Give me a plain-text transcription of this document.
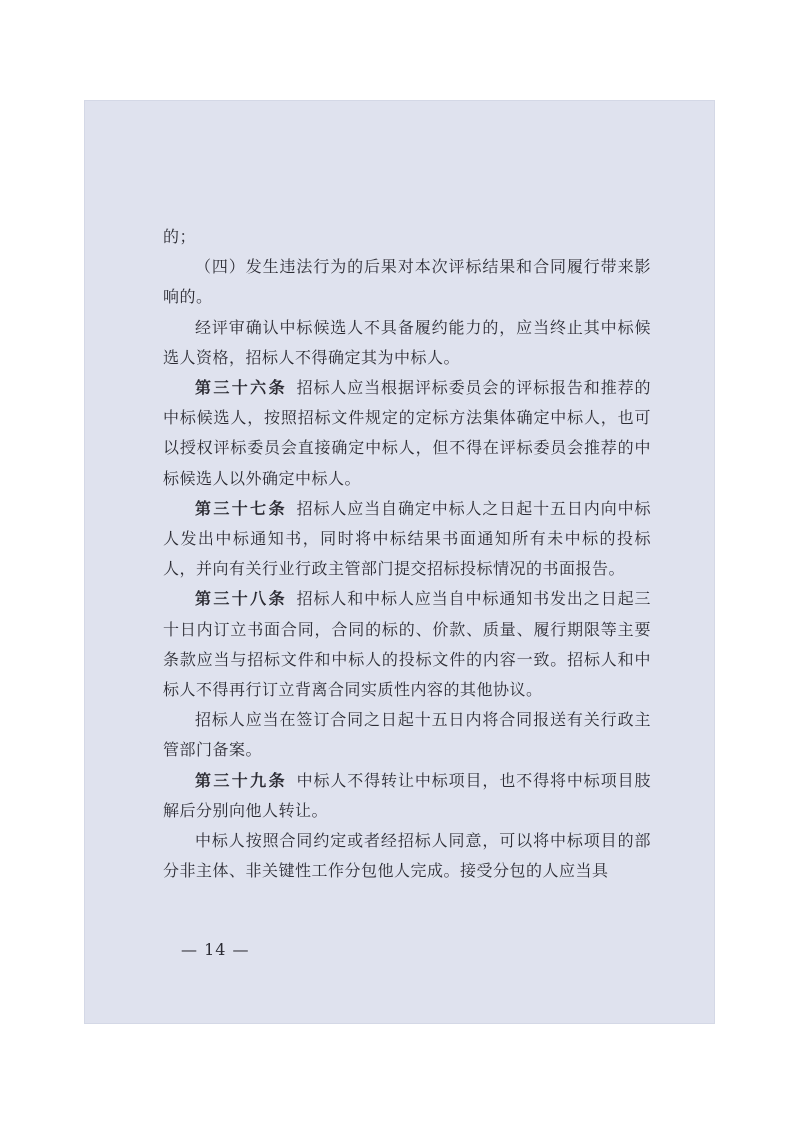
的；

（四）发生违法行为的后果对本次评标结果和合同履行带来影响的。

经评审确认中标候选人不具备履约能力的，应当终止其中标候选人资格，招标人不得确定其为中标人。

第三十六条 招标人应当根据评标委员会的评标报告和推荐的中标候选人，按照招标文件规定的定标方法集体确定中标人，也可以授权评标委员会直接确定中标人，但不得在评标委员会推荐的中标候选人以外确定中标人。

第三十七条 招标人应当自确定中标人之日起十五日内向中标人发出中标通知书，同时将中标结果书面通知所有未中标的投标人，并向有关行业行政主管部门提交招标投标情况的书面报告。

第三十八条 招标人和中标人应当自中标通知书发出之日起三十日内订立书面合同，合同的标的、价款、质量、履行期限等主要条款应当与招标文件和中标人的投标文件的内容一致。招标人和中标人不得再行订立背离合同实质性内容的其他协议。

招标人应当在签订合同之日起十五日内将合同报送有关行政主管部门备案。

第三十九条 中标人不得转让中标项目，也不得将中标项目肢解后分别向他人转让。

中标人按照合同约定或者经招标人同意，可以将中标项目的部分非主体、非关键性工作分包他人完成。接受分包的人应当具

— 14 —
